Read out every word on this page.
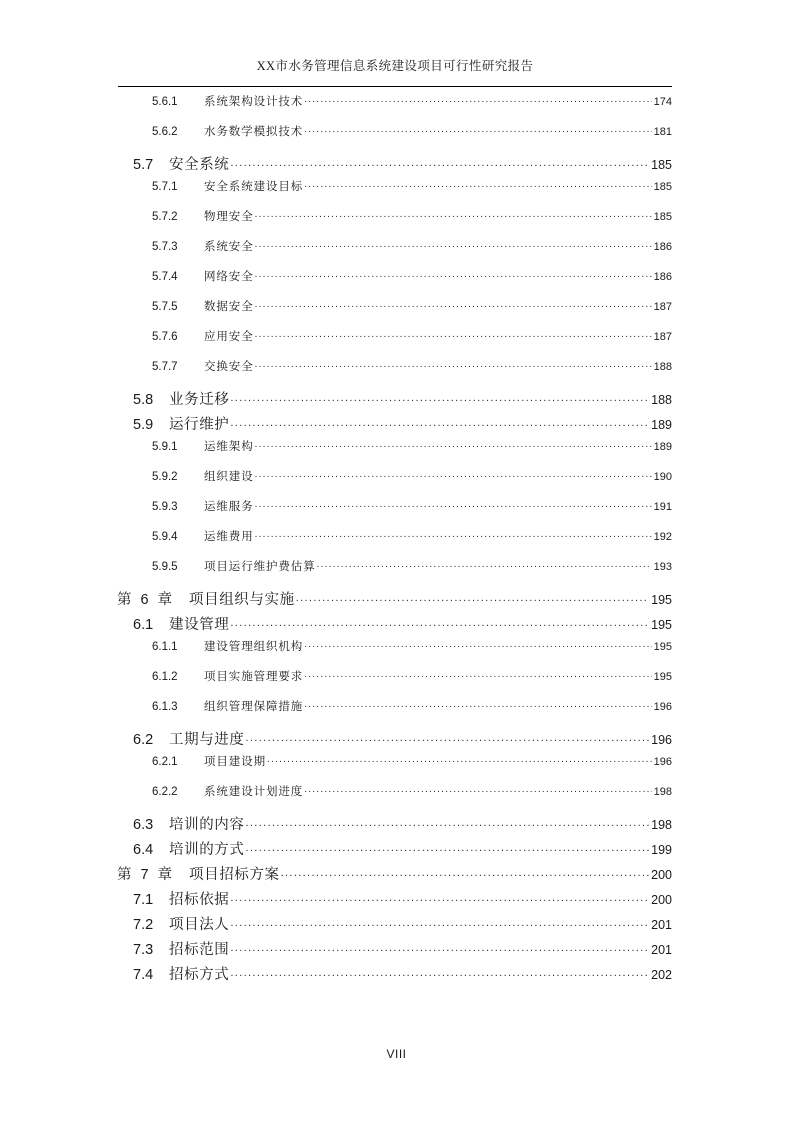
XX市水务管理信息系统建设项目可行性研究报告
5.6.1	系统架构设计技术 .....	174
5.6.2	水务数学模拟技术 .....	181
5.7	安全系统 .....	185
5.7.1	安全系统建设目标 .....	185
5.7.2	物理安全 .....	185
5.7.3	系统安全 .....	186
5.7.4	网络安全 .....	186
5.7.5	数据安全 .....	187
5.7.6	应用安全 .....	187
5.7.7	交换安全 .....	188
5.8	业务迁移 .....	188
5.9	运行维护 .....	189
5.9.1	运维架构 .....	189
5.9.2	组织建设 .....	190
5.9.3	运维服务 .....	191
5.9.4	运维费用 .....	192
5.9.5	项目运行维护费估算 .....	193
第 6 章 项目组织与实施 .....	195
6.1	建设管理 .....	195
6.1.1	建设管理组织机构 .....	195
6.1.2	项目实施管理要求 .....	195
6.1.3	组织管理保障措施 .....	196
6.2	工期与进度 .....	196
6.2.1	项目建设期 .....	196
6.2.2	系统建设计划进度 .....	198
6.3	培训的内容 .....	198
6.4	培训的方式 .....	199
第 7 章 项目招标方案 .....	200
7.1	招标依据 .....	200
7.2	项目法人 .....	201
7.3	招标范围 .....	201
7.4	招标方式 .....	202
VIII
